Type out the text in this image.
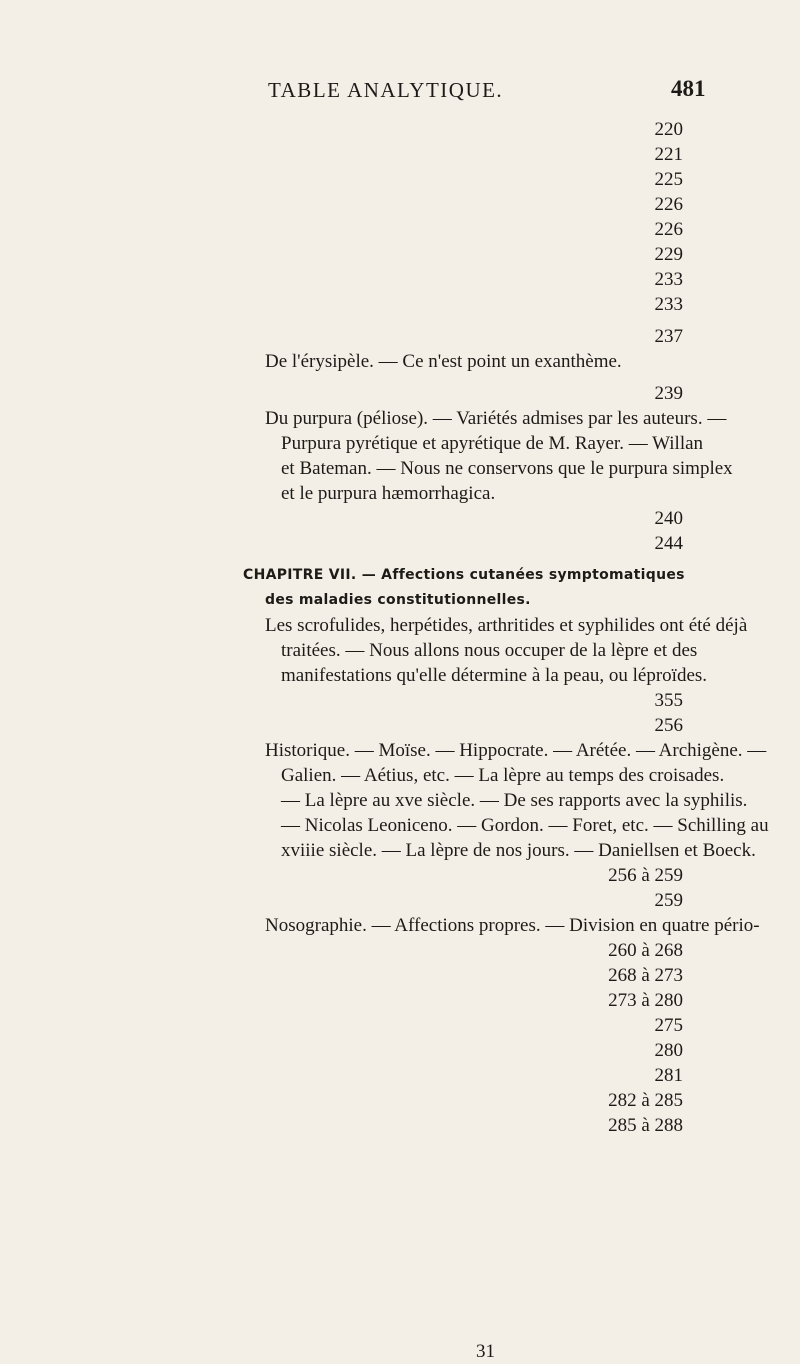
TABLE ANALYTIQUE.	481
. . .
220
. . .
221
. . .
225
. . .
226
. . .
226
. . .
229
. . .
233
. . .
233
. . .
237
De l'érysipèle. — Ce n'est point un exanthème.
. . .
239
Du purpura (péliose). — Variétés admises par les auteurs. —
Purpura pyrétique et apyrétique de M. Rayer. — Willan
et Bateman. — Nous ne conservons que le purpura simplex
et le purpura hæmorrhagica.
. . .
240
. . .
244
CHAPITRE VII. — Affections cutanées symptomatiques
des maladies constitutionnelles.
Les scrofulides, herpétides, arthritides et syphilides ont été déjà
traitées. — Nous allons nous occuper de la lèpre et des
manifestations qu'elle détermine à la peau, ou léproïdes.
. . .
355
. . .
256
Historique. — Moïse. — Hippocrate. — Arétée. — Archigène. —
Galien. — Aétius, etc. — La lèpre au temps des croisades.
— La lèpre au xve siècle. — De ses rapports avec la syphilis.
— Nicolas Leoniceno. — Gordon. — Foret, etc. — Schilling au
xviiie siècle. — La lèpre de nos jours. — Daniellsen et Boeck.
. . .
256 à 259
. . .
259
Nosographie. — Affections propres. — Division en quatre pério-
. . .
260 à 268
. . .
268 à 273
. . .
273 à 280
. . .
275
. . .
280
. . .
281
. . .
282 à 285
. . .
285 à 288
31
